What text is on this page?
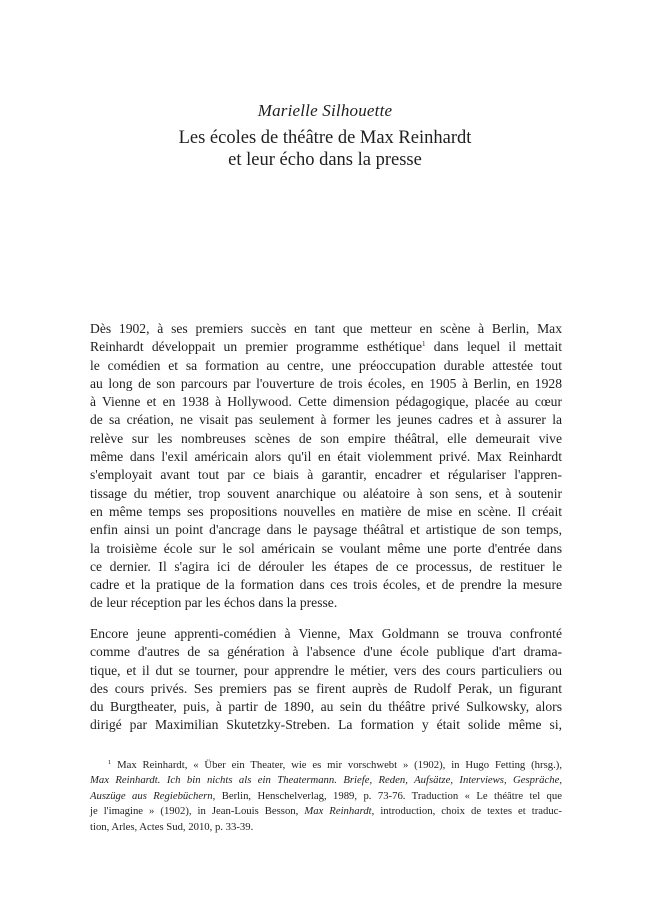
Marielle Silhouette
Les écoles de théâtre de Max Reinhardt
et leur écho dans la presse
Dès 1902, à ses premiers succès en tant que metteur en scène à Berlin, Max
Reinhardt développait un premier programme esthétique$^1$ dans lequel il mettait
le comédien et sa formation au centre, une préoccupation durable attestée tout
au long de son parcours par l'ouverture de trois écoles, en 1905 à Berlin, en 1928
à Vienne et en 1938 à Hollywood. Cette dimension pédagogique, placée au cœur
de sa création, ne visait pas seulement à former les jeunes cadres et à assurer la
relève sur les nombreuses scènes de son empire théâtral, elle demeurait vive
même dans l'exil américain alors qu'il en était violemment privé. Max Reinhardt
s'employait avant tout par ce biais à garantir, encadrer et régulariser l'appren-
tissage du métier, trop souvent anarchique ou aléatoire à son sens, et à soutenir
en même temps ses propositions nouvelles en matière de mise en scène. Il créait
enfin ainsi un point d'ancrage dans le paysage théâtral et artistique de son temps,
la troisième école sur le sol américain se voulant même une porte d'entrée dans
ce dernier. Il s'agira ici de dérouler les étapes de ce processus, de restituer le
cadre et la pratique de la formation dans ces trois écoles, et de prendre la mesure
de leur réception par les échos dans la presse.
Encore jeune apprenti-comédien à Vienne, Max Goldmann se trouva confronté
comme d'autres de sa génération à l'absence d'une école publique d'art drama-
tique, et il dut se tourner, pour apprendre le métier, vers des cours particuliers ou
des cours privés. Ses premiers pas se firent auprès de Rudolf Perak, un figurant
du Burgtheater, puis, à partir de 1890, au sein du théâtre privé Sulkowsky, alors
dirigé par Maximilian Skutetzky-Streben. La formation y était solide même si,
$^1$ Max Reinhardt, « Über ein Theater, wie es mir vorschwebt » (1902), in Hugo Fetting (hrsg.),
Max Reinhardt. Ich bin nichts als ein Theatermann. Briefe, Reden, Aufsätze, Interviews, Gespräche,
Auszüge aus Regiebüchern, Berlin, Henschelverlag, 1989, p. 73-76. Traduction « Le théâtre tel que
je l'imagine » (1902), in Jean-Louis Besson, Max Reinhardt, introduction, choix de textes et traduc-
tion, Arles, Actes Sud, 2010, p. 33-39.
